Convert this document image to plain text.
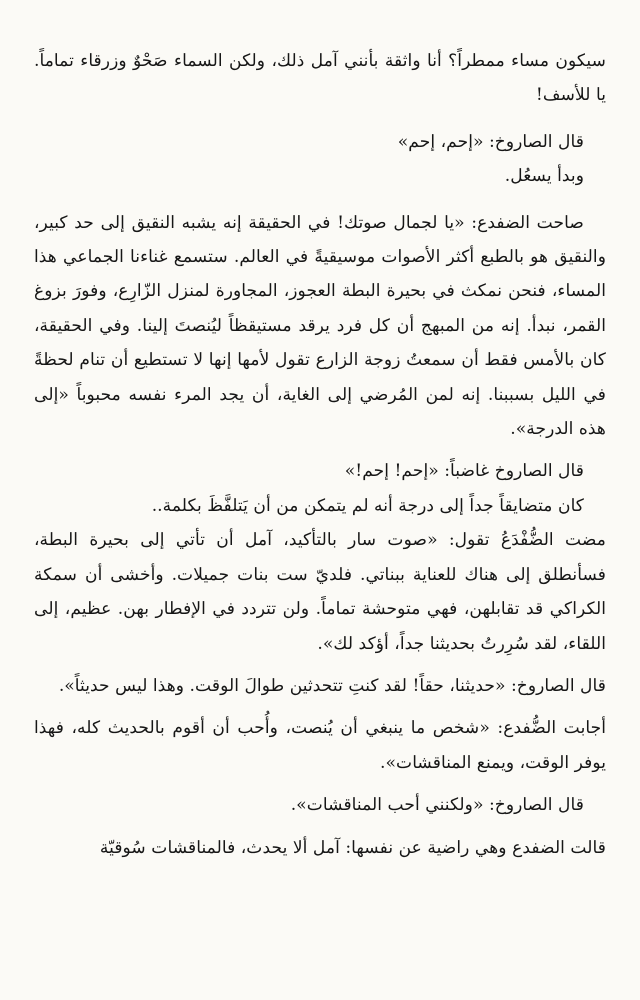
سيكون مساء ممطراً؟ أنا واثقة بأنني آمل ذلك، ولكن السماء صَحْوٌ وزرقاء تماماً. يا للأسف!

قال الصاروخ: «إحم، إحم»

وبدأ يسعُل.

صاحت الضفدع: «يا لجمال صوتك! في الحقيقة إنه يشبه النقيق إلى حد كبير، والنقيق هو بالطبع أكثر الأصوات موسيقيةً في العالم. ستسمع غناءنا الجماعي هذا المساء، فنحن نمكث في بحيرة البطة العجوز، المجاورة لمنزل الزّارِع، وفورَ بزوغ القمر، نبدأ. إنه من المبهج أن كل فرد يرقد مستيقظاً ليُنصتَ إلينا. وفي الحقيقة، كان بالأمس فقط أن سمعتُ زوجة الزارع تقول لأمها إنها لا تستطيع أن تنام لحظةً في الليل بسببنا. إنه لمن المُرضي إلى الغاية، أن يجد المرء نفسه محبوباً «إلى هذه الدرجة».

قال الصاروخ غاضباً: «إحم! إحم!»

كان متضايقاً جداً إلى درجة أنه لم يتمكن من أن يَتلفَّظَ بكلمة..

مضت الضُّفْدَعُ تقول: «صوت سار بالتأكيد، آمل أن تأتي إلى بحيرة البطة، فسأنطلق إلى هناك للعناية ببناتي. فلديّ ست بنات جميلات. وأخشى أن سمكة الكراكي قد تقابلهن، فهي متوحشة تماماً. ولن تتردد في الإفطار بهن. عظيم، إلى اللقاء، لقد سُرِرتُ بحديثنا جداً، أؤكد لك».

قال الصاروخ: «حديثنا، حقاً! لقد كنتِ تتحدثين طوالَ الوقت. وهذا ليس حديثاً».

أجابت الضُّفدع: «شخص ما ينبغي أن يُنصت، وأُحب أن أقوم بالحديث كله، فهذا يوفر الوقت، ويمنع المناقشات».

قال الصاروخ: «ولكنني أحب المناقشات».

قالت الضفدع وهي راضية عن نفسها: آمل ألا يحدث، فالمناقشات سُوقيّة
